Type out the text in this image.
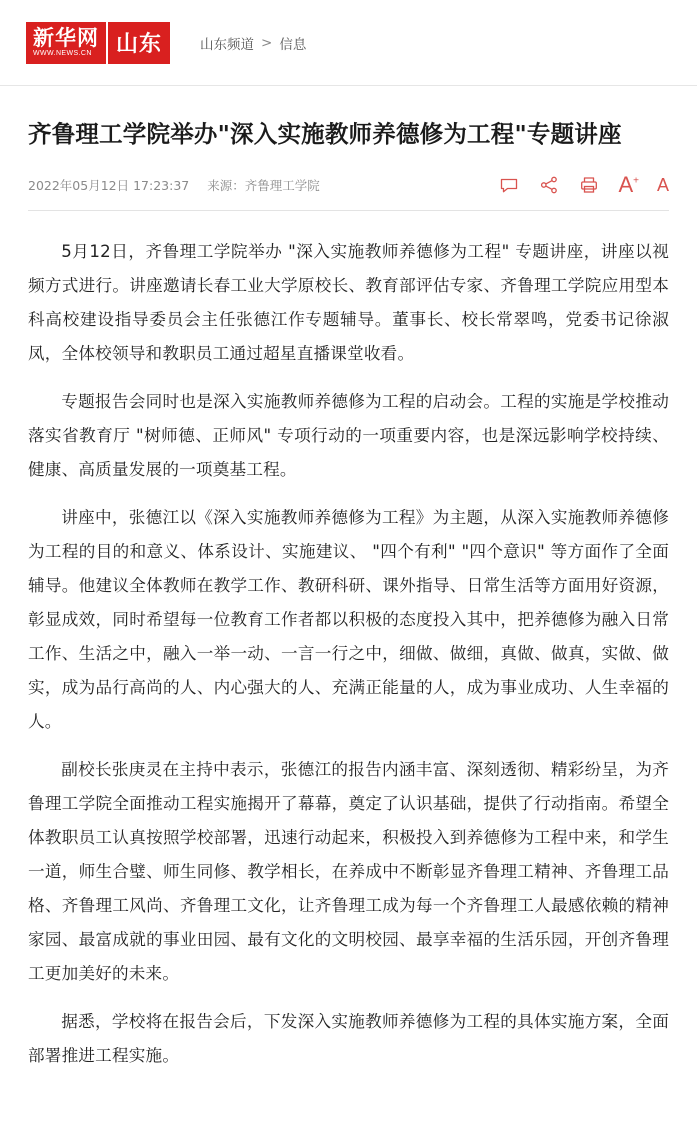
新华网
WWW.NEWS.CN	山东	山东频道 > 信息
齐鲁理工学院举办"深入实施教师养德修为工程"专题讲座
2022年05月12日 17:23:37 来源：齐鲁理工学院	A+ A

5月12日，齐鲁理工学院举办 "深入实施教师养德修为工程" 专题讲座，讲座以视频方式进行。讲座邀请长春工业大学原校长、教育部评估专家、齐鲁理工学院应用型本科高校建设指导委员会主任张德江作专题辅导。董事长、校长常翠鸣，党委书记徐淑凤，全体校领导和教职员工通过超星直播课堂收看。

专题报告会同时也是深入实施教师养德修为工程的启动会。工程的实施是学校推动落实省教育厅 "树师德、正师风" 专项行动的一项重要内容，也是深远影响学校持续、健康、高质量发展的一项奠基工程。

讲座中，张德江以《深入实施教师养德修为工程》为主题，从深入实施教师养德修为工程的目的和意义、体系设计、实施建议、 "四个有利" "四个意识" 等方面作了全面辅导。他建议全体教师在教学工作、教研科研、课外指导、日常生活等方面用好资源，彰显成效，同时希望每一位教育工作者都以积极的态度投入其中，把养德修为融入日常工作、生活之中，融入一举一动、一言一行之中，细做、做细，真做、做真，实做、做实，成为品行高尚的人、内心强大的人、充满正能量的人，成为事业成功、人生幸福的人。

副校长张庚灵在主持中表示，张德江的报告内涵丰富、深刻透彻、精彩纷呈，为齐鲁理工学院全面推动工程实施揭开了幕幕，奠定了认识基础，提供了行动指南。希望全体教职员工认真按照学校部署，迅速行动起来，积极投入到养德修为工程中来，和学生一道，师生合璧、师生同修、教学相长，在养成中不断彰显齐鲁理工精神、齐鲁理工品格、齐鲁理工风尚、齐鲁理工文化，让齐鲁理工成为每一个齐鲁理工人最感依赖的精神家园、最富成就的事业田园、最有文化的文明校园、最享幸福的生活乐园，开创齐鲁理工更加美好的未来。

据悉，学校将在报告会后，下发深入实施教师养德修为工程的具体实施方案，全面部署推进工程实施。
